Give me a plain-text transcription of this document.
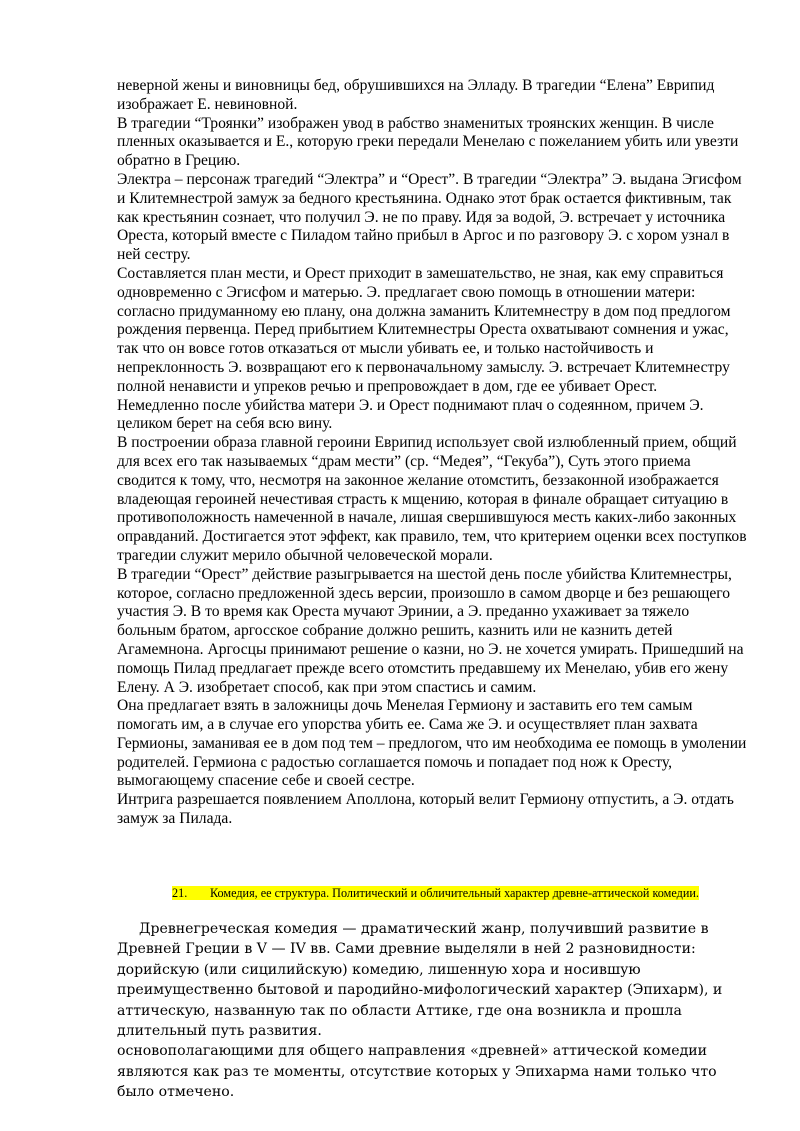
неверной жены и виновницы бед, обрушившихся на Элладу. В трагедии “Елена” Еврипид изображает Е. невиновной.

В трагедии “Троянки” изображен увод в рабство знаменитых троянских женщин. В числе пленных оказывается и Е., которую греки передали Менелаю с пожеланием убить или увезти обратно в Грецию.

Электра – персонаж трагедий “Электра” и “Орест”. В трагедии “Электра” Э. выдана Эгисфом и Клитемнестрой замуж за бедного крестьянина. Однако этот брак остается фиктивным, так как крестьянин сознает, что получил Э. не по праву. Идя за водой, Э. встречает у источника Ореста, который вместе с Пиладом тайно прибыл в Аргос и по разговору Э. с хором узнал в ней сестру.

Составляется план мести, и Орест приходит в замешательство, не зная, как ему справиться одновременно с Эгисфом и матерью. Э. предлагает свою помощь в отношении матери: согласно придуманному ею плану, она должна заманить Клитемнестру в дом под предлогом рождения первенца. Перед прибытием Клитемнестры Ореста охватывают сомнения и ужас, так что он вовсе готов отказаться от мысли убивать ее, и только настойчивость и непреклонность Э. возвращают его к первоначальному замыслу. Э. встречает Клитемнестру полной ненависти и упреков речью и препровождает в дом, где ее убивает Орест.

Немедленно после убийства матери Э. и Орест поднимают плач о содеянном, причем Э. целиком берет на себя всю вину.

В построении образа главной героини Еврипид использует свой излюбленный прием, общий для всех его так называемых “драм мести” (ср. “Медея”, “Гекуба”), Суть этого приема сводится к тому, что, несмотря на законное желание отомстить, беззаконной изображается владеющая героиней нечестивая страсть к мщению, которая в финале обращает ситуацию в противоположность намеченной в начале, лишая свершившуюся месть каких-либо законных оправданий. Достигается этот эффект, как правило, тем, что критерием оценки всех поступков трагедии служит мерило обычной человеческой морали.

В трагедии “Орест” действие разыгрывается на шестой день после убийства Клитемнестры, которое, согласно предложенной здесь версии, произошло в самом дворце и без решающего участия Э. В то время как Ореста мучают Эринии, а Э. преданно ухаживает за тяжело больным братом, аргосское собрание должно решить, казнить или не казнить детей Агамемнона. Аргосцы принимают решение о казни, но Э. не хочется умирать. Пришедший на помощь Пилад предлагает прежде всего отомстить предавшему их Менелаю, убив его жену Елену. А Э. изобретает способ, как при этом спастись и самим.

Она предлагает взять в заложницы дочь Менелая Гермиону и заставить его тем самым помогать им, а в случае его упорства убить ее. Сама же Э. и осуществляет план захвата Гермионы, заманивая ее в дом под тем – предлогом, что им необходима ее помощь в умолении родителей. Гермиона с радостью соглашается помочь и попадает под нож к Оресту, вымогающему спасение себе и своей сестре.

Интрига разрешается появлением Аполлона, который велит Гермиону отпустить, а Э. отдать замуж за Пилада.

21. Комедия, ее структура. Политический и обличительный характер древне-аттической комедии.

Древнегреческая комедия — драматический жанр, получивший развитие в Древней Греции в V — IV вв. Сами древние выделяли в ней 2 разновидности: дорийскую (или сицилийскую) комедию, лишенную хора и носившую преимущественно бытовой и пародийно-мифологический характер (Эпихарм), и аттическую, названную так по области Аттике, где она возникла и прошла длительный путь развития.

основополагающими для общего направления «древней» аттической комедии являются как раз те моменты, отсутствие которых у Эпихарма нами только что было отмечено.
